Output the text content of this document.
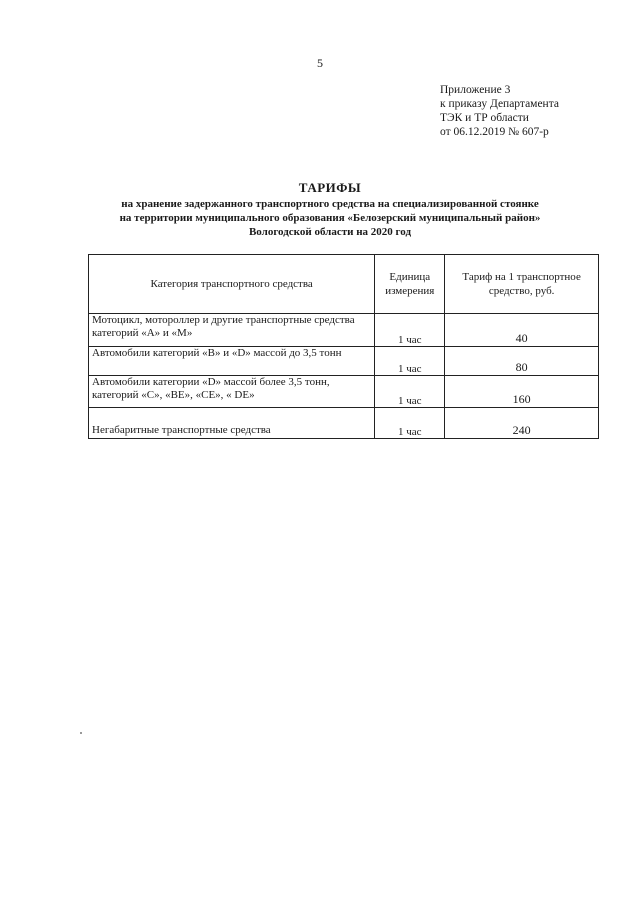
5
Приложение 3
к приказу Департамента
ТЭК и ТР области
от 06.12.2019 № 607-р
ТАРИФЫ
на хранение задержанного транспортного средства на специализированной стоянке
на территории муниципального образования «Белозерский муниципальный район»
Вологодской области на 2020 год
Категория транспортного средства	Единица измерения	Тариф на 1 транспортное средство, руб.
Мотоцикл, мотороллер и другие транспортные средства категорий «А» и «М»	1 час	40
Автомобили категорий «В» и «D» массой до 3,5 тонн	1 час	80
Автомобили категории «D» массой более 3,5 тонн, категорий «С», «ВЕ», «СЕ», « DE»	1 час	160
Негабаритные транспортные средства	1 час	240
